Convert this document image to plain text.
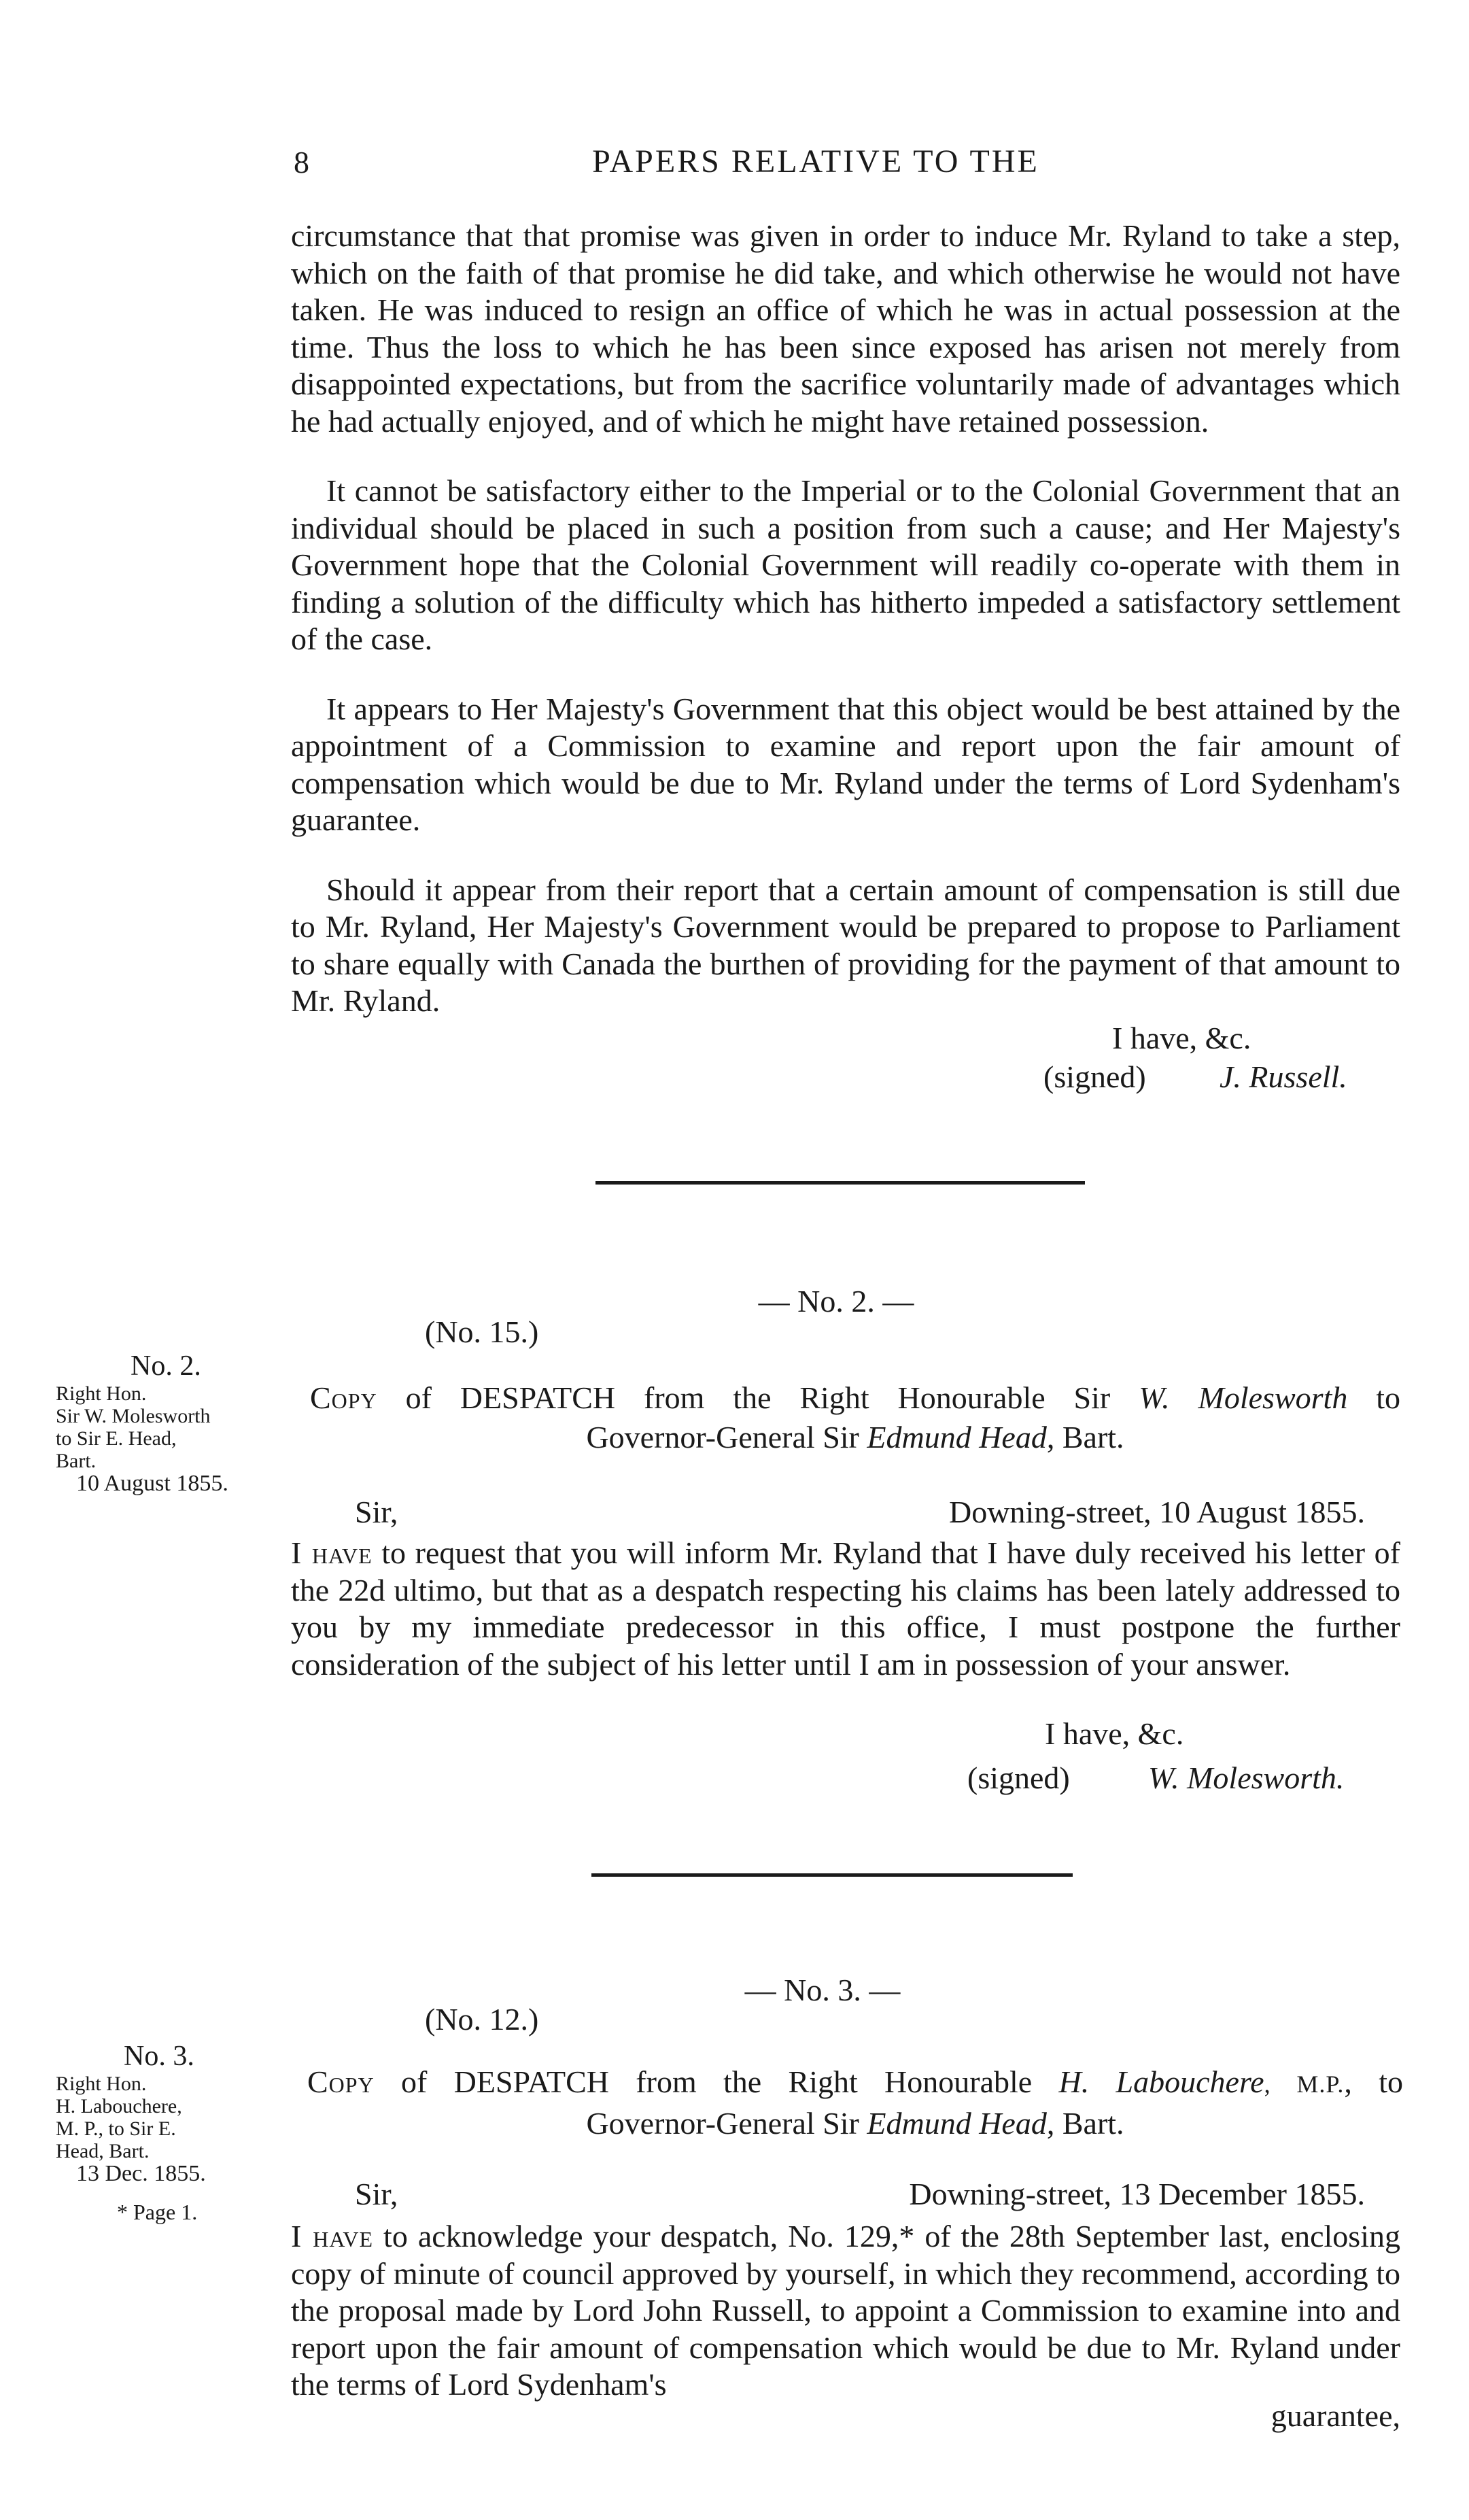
8	PAPERS RELATIVE TO THE

circumstance that that promise was given in order to induce Mr. Ryland to take a step, which on the faith of that promise he did take, and which otherwise he would not have taken. He was induced to resign an office of which he was in actual possession at the time. Thus the loss to which he has been since exposed has arisen not merely from disappointed expectations, but from the sacrifice voluntarily made of advantages which he had actually enjoyed, and of which he might have retained possession.

It cannot be satisfactory either to the Imperial or to the Colonial Government that an individual should be placed in such a position from such a cause; and Her Majesty's Government hope that the Colonial Government will readily co-operate with them in finding a solution of the difficulty which has hitherto impeded a satisfactory settlement of the case.

It appears to Her Majesty's Government that this object would be best attained by the appointment of a Commission to examine and report upon the fair amount of compensation which would be due to Mr. Ryland under the terms of Lord Sydenham's guarantee.

Should it appear from their report that a certain amount of compensation is still due to Mr. Ryland, Her Majesty's Government would be prepared to propose to Parliament to share equally with Canada the burthen of providing for the payment of that amount to Mr. Ryland.

I have, &c.
(signed) J. Russell.
— No. 2. —
(No. 15.)
No. 2.
Right Hon.
Sir W. Molesworth
to Sir E. Head,
Bart.
10 August 1855.
Copy of DESPATCH from the Right Honourable Sir W. Molesworth to
Governor-General Sir Edmund Head, Bart.
Sir,	Downing-street, 10 August 1855.

I have to request that you will inform Mr. Ryland that I have duly received his letter of the 22d ultimo, but that as a despatch respecting his claims has been lately addressed to you by my immediate predecessor in this office, I must postpone the further consideration of the subject of his letter until I am in possession of your answer.

I have, &c.
(signed)	W. Molesworth.
— No. 3. —
(No. 12.)
No. 3.
Right Hon.
H. Labouchere,
M. P., to Sir E.
Head, Bart.
13 Dec. 1855.
* Page 1.
Copy of DESPATCH from the Right Honourable H. Labouchere, M.P., to
Governor-General Sir Edmund Head, Bart.
Sir,	Downing-street, 13 December 1855.

I have to acknowledge your despatch, No. 129,* of the 28th September last, enclosing copy of minute of council approved by yourself, in which they recommend, according to the proposal made by Lord John Russell, to appoint a Commission to examine into and report upon the fair amount of compensation which would be due to Mr. Ryland under the terms of Lord Sydenham's

guarantee,
